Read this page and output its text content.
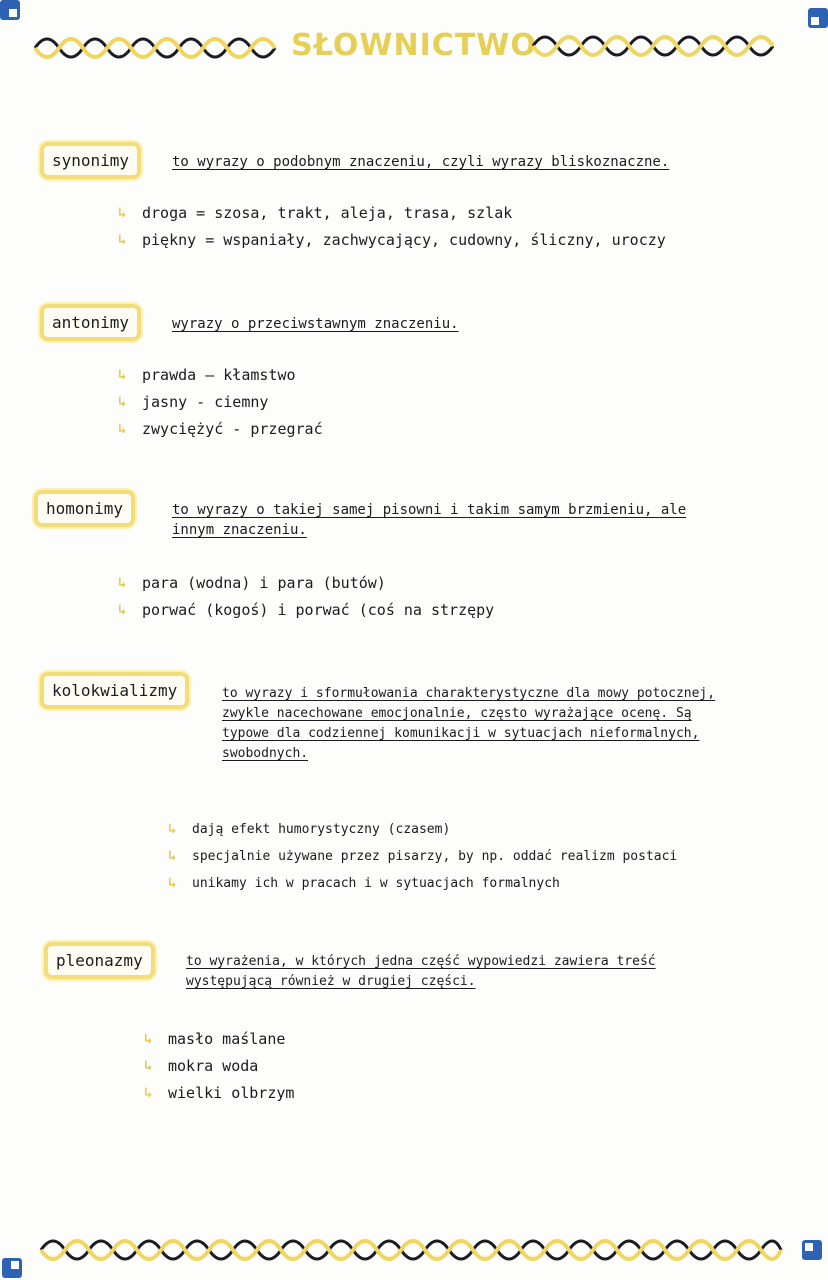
SŁOWNICTWO
synonimy	to wyrazy o podobnym znaczeniu, czyli wyrazy bliskoznaczne.
↳	droga = szosa, trakt, aleja, trasa, szlak
↳	piękny = wspaniały, zachwycający, cudowny, śliczny, uroczy
antonimy	wyrazy o przeciwstawnym znaczeniu.
↳	prawda — kłamstwo
↳	jasny - ciemny
↳	zwyciężyć - przegrać
homonimy	to wyrazy o takiej samej pisowni i takim samym brzmieniu, ale
innym znaczeniu.
↳	para (wodna) i para (butów)
↳	porwać (kogoś) i porwać (coś na strzępy
kolokwializmy	to wyrazy i sformułowania charakterystyczne dla mowy potocznej,
zwykle nacechowane emocjonalnie, często wyrażające ocenę. Są
typowe dla codziennej komunikacji w sytuacjach nieformalnych,
swobodnych.
↳	dają efekt humorystyczny (czasem)
↳	specjalnie używane przez pisarzy, by np. oddać realizm postaci
↳	unikamy ich w pracach i w sytuacjach formalnych
pleonazmy	to wyrażenia, w których jedna część wypowiedzi zawiera treść
występującą również w drugiej części.
↳	masło maślane
↳	mokra woda
↳	wielki olbrzym
